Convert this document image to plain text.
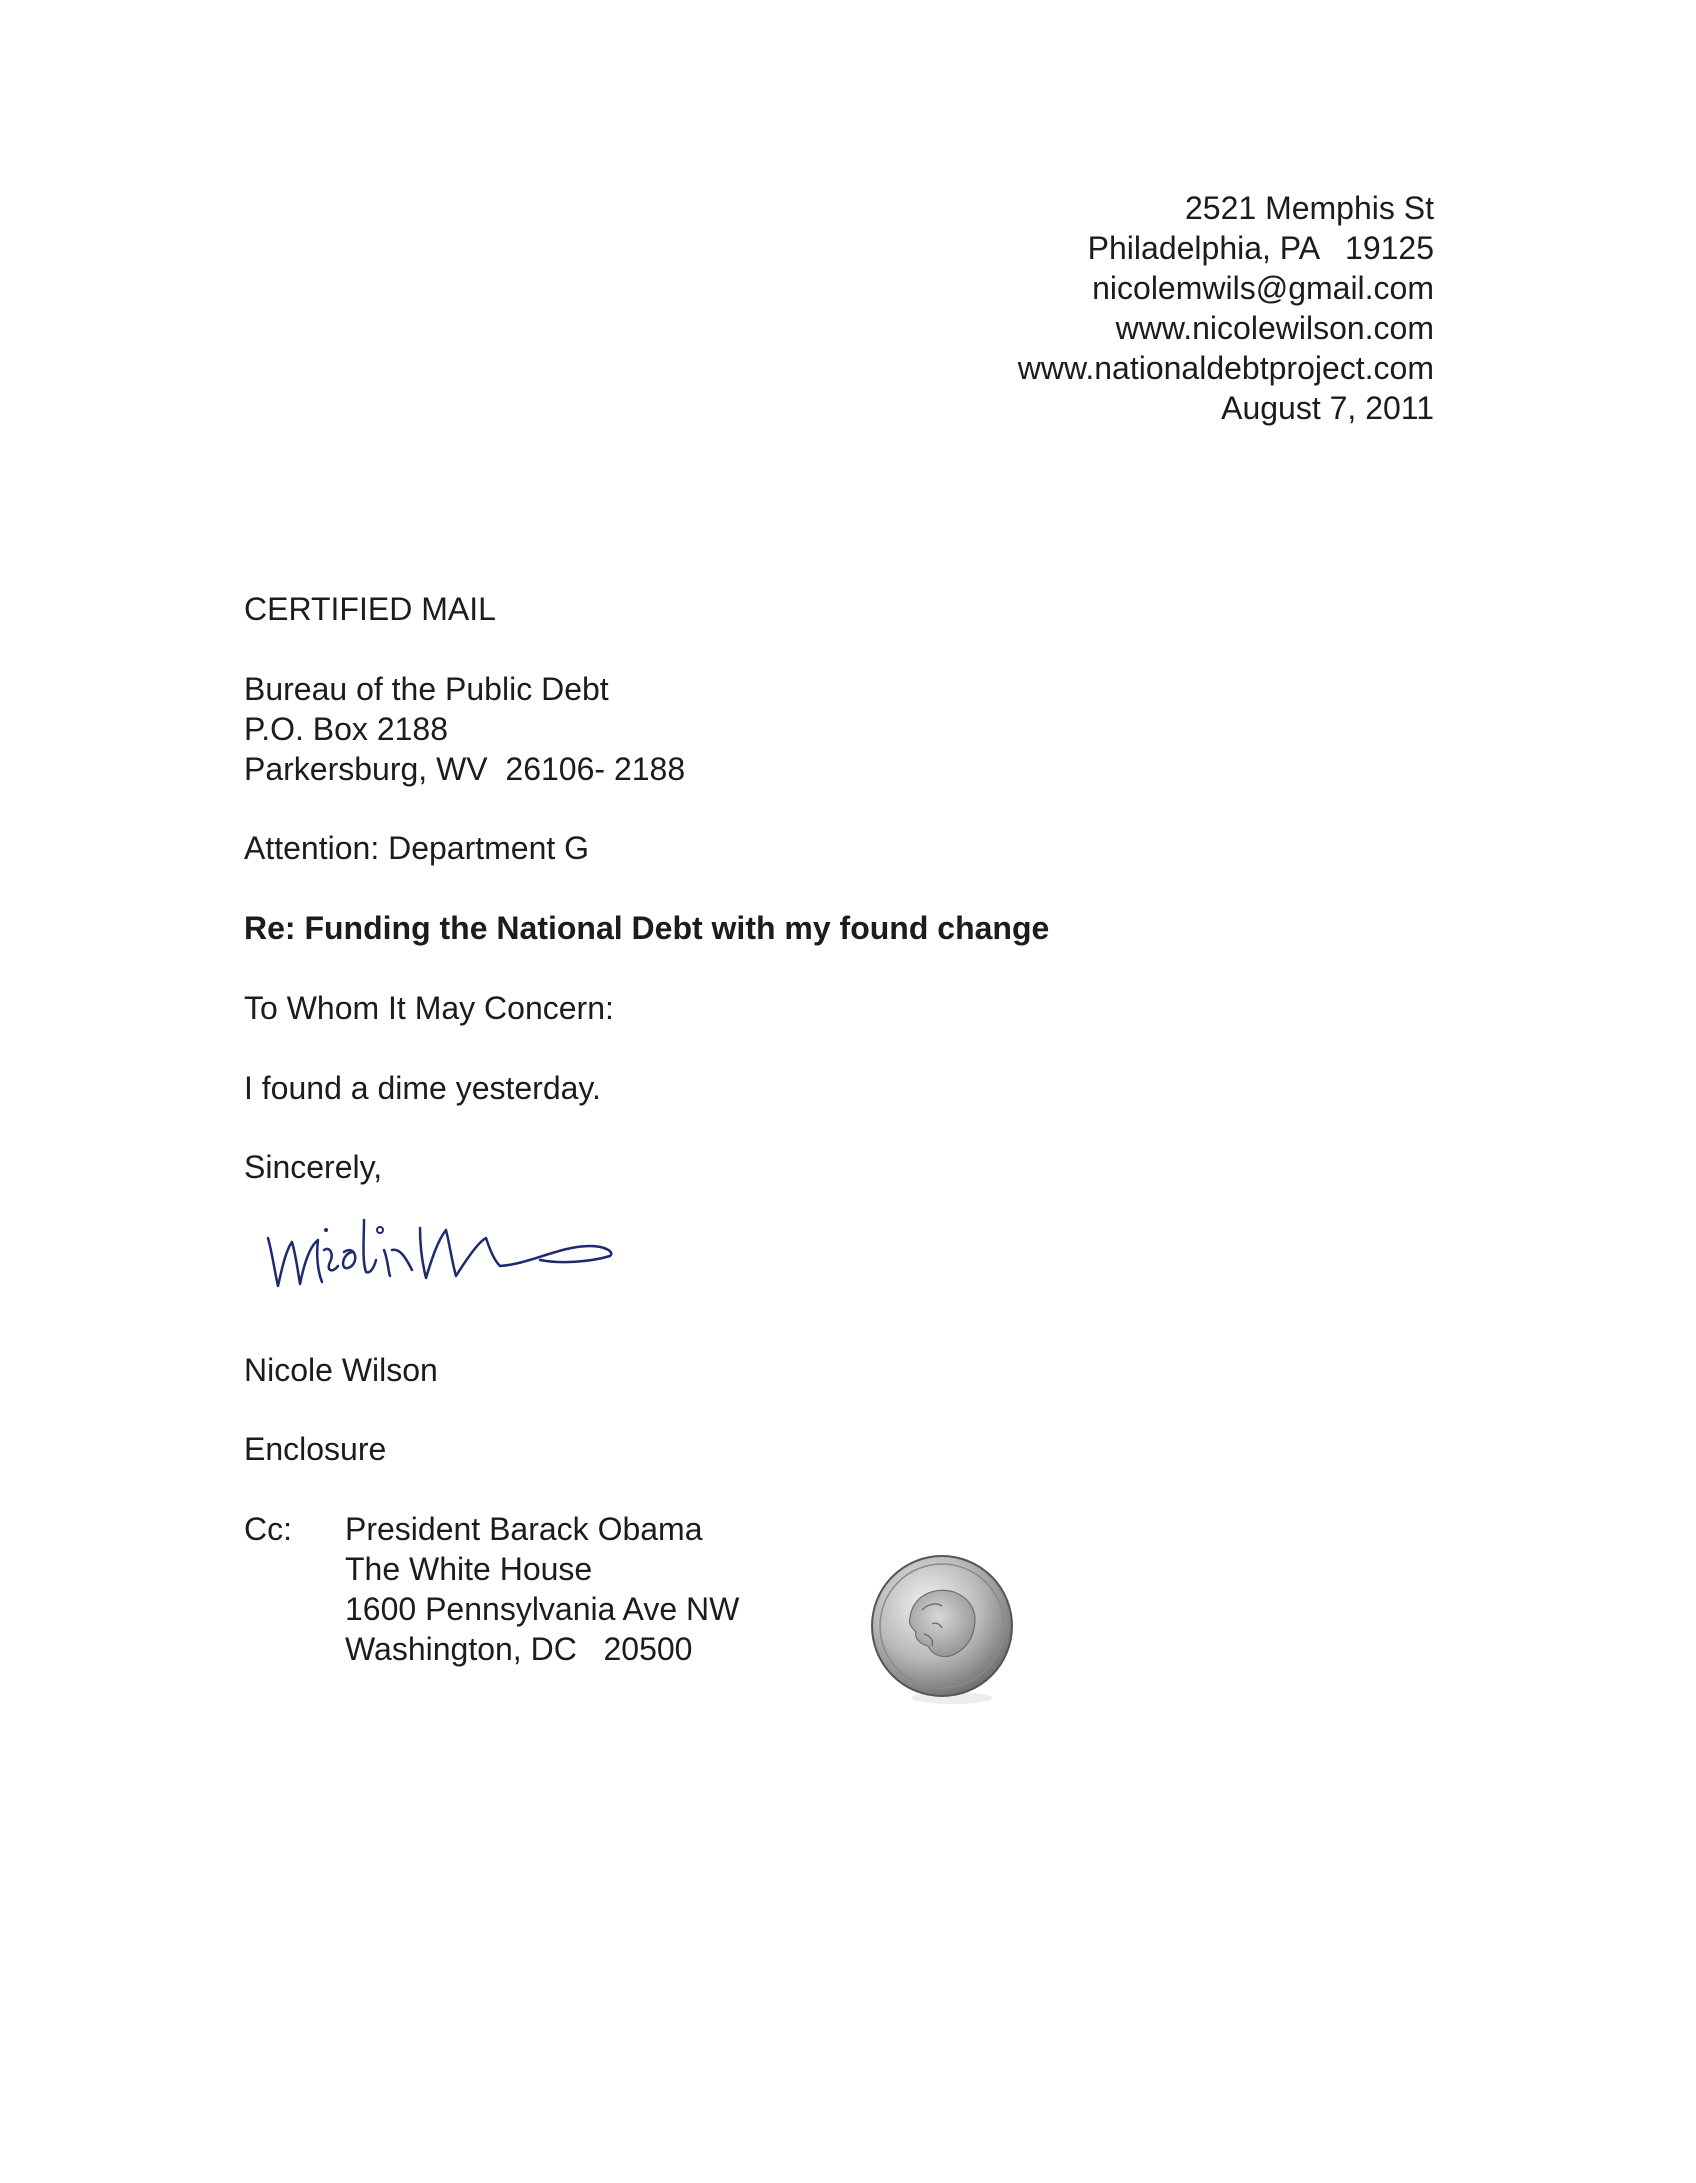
2521 Memphis St
Philadelphia, PA   19125
nicolemwils@gmail.com
www.nicolewilson.com
www.nationaldebtproject.com
August 7, 2011
CERTIFIED MAIL
Bureau of the Public Debt
P.O. Box 2188
Parkersburg, WV  26106- 2188
Attention: Department G
Re: Funding the National Debt with my found change
To Whom It May Concern:
I found a dime yesterday.
Sincerely,
Nicole Wilson
Enclosure
Cc: President Barack Obama
The White House
1600 Pennsylvania Ave NW
Washington, DC   20500
